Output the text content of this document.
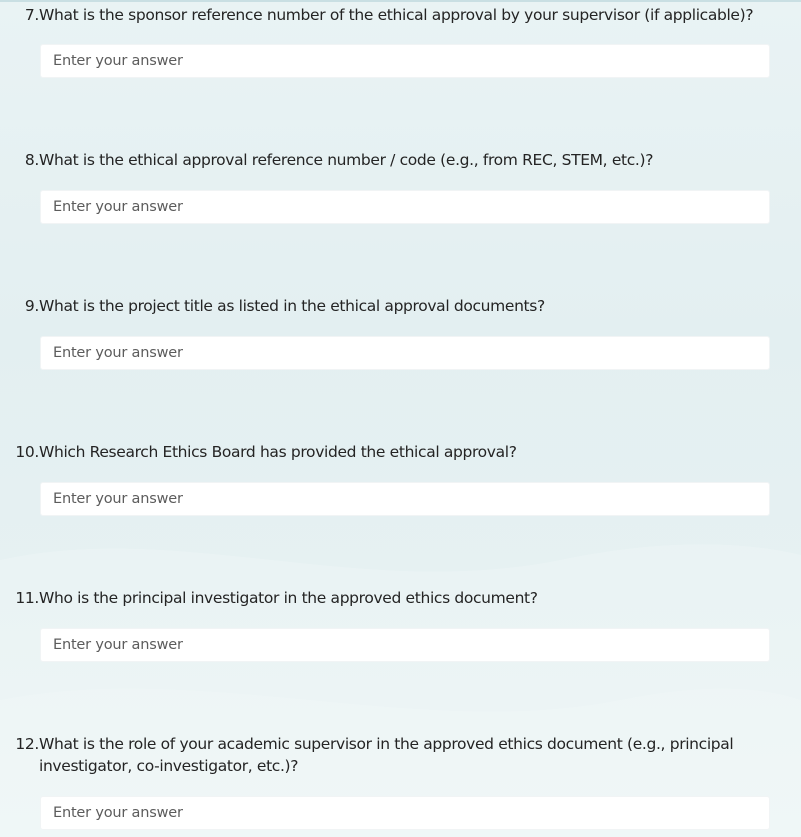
7. What is the sponsor reference number of the ethical approval by your supervisor (if applicable)?
Enter your answer
8. What is the ethical approval reference number / code (e.g., from REC, STEM, etc.)?
Enter your answer
9. What is the project title as listed in the ethical approval documents?
Enter your answer
10. Which Research Ethics Board has provided the ethical approval?
Enter your answer
11. Who is the principal investigator in the approved ethics document?
Enter your answer
12. What is the role of your academic supervisor in the approved ethics document (e.g., principal investigator, co-investigator, etc.)?
Enter your answer
